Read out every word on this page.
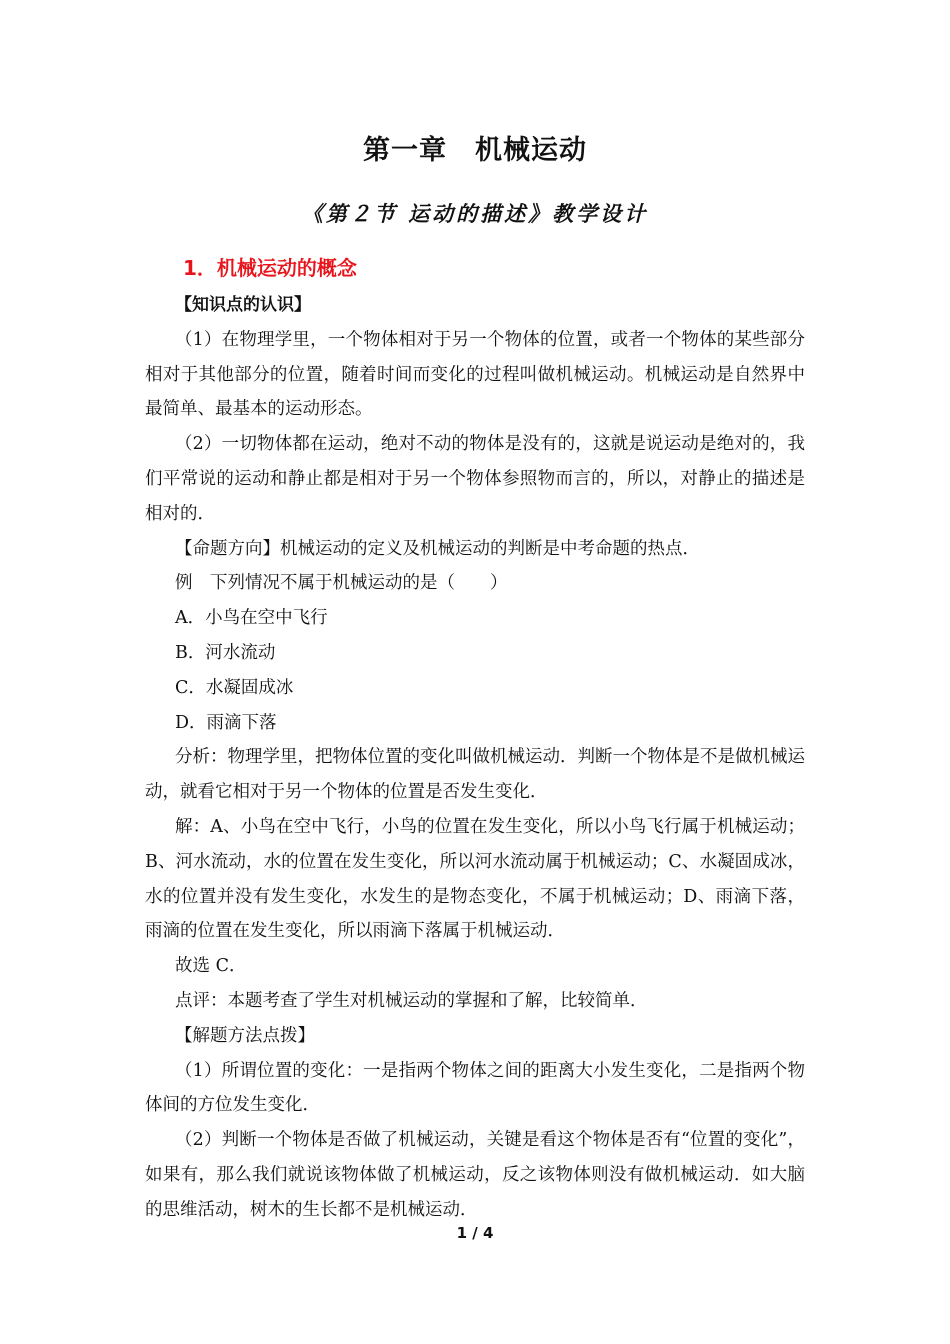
第一章　机械运动
《第２节 运动的描述》教学设计
1．机械运动的概念

【知识点的认识】

（1）在物理学里，一个物体相对于另一个物体的位置，或者一个物体的某些部分相对于其他部分的位置，随着时间而变化的过程叫做机械运动。机械运动是自然界中最简单、最基本的运动形态。

（2）一切物体都在运动，绝对不动的物体是没有的，这就是说运动是绝对的，我们平常说的运动和静止都是相对于另一个物体参照物而言的，所以，对静止的描述是相对的．

【命题方向】机械运动的定义及机械运动的判断是中考命题的热点．

例　下列情况不属于机械运动的是（　　）

A．小鸟在空中飞行

B．河水流动

C．水凝固成冰

D．雨滴下落

分析：物理学里，把物体位置的变化叫做机械运动．判断一个物体是不是做机械运动，就看它相对于另一个物体的位置是否发生变化．

解：A、小鸟在空中飞行，小鸟的位置在发生变化，所以小鸟飞行属于机械运动；B、河水流动，水的位置在发生变化，所以河水流动属于机械运动；C、水凝固成冰，水的位置并没有发生变化，水发生的是物态变化，不属于机械运动；D、雨滴下落，雨滴的位置在发生变化，所以雨滴下落属于机械运动．

故选 C．

点评：本题考查了学生对机械运动的掌握和了解，比较简单．

【解题方法点拨】

（1）所谓位置的变化：一是指两个物体之间的距离大小发生变化，二是指两个物体间的方位发生变化．

（2）判断一个物体是否做了机械运动，关键是看这个物体是否有“位置的变化”，如果有，那么我们就说该物体做了机械运动，反之该物体则没有做机械运动．如大脑的思维活动，树木的生长都不是机械运动．

1 / 4
